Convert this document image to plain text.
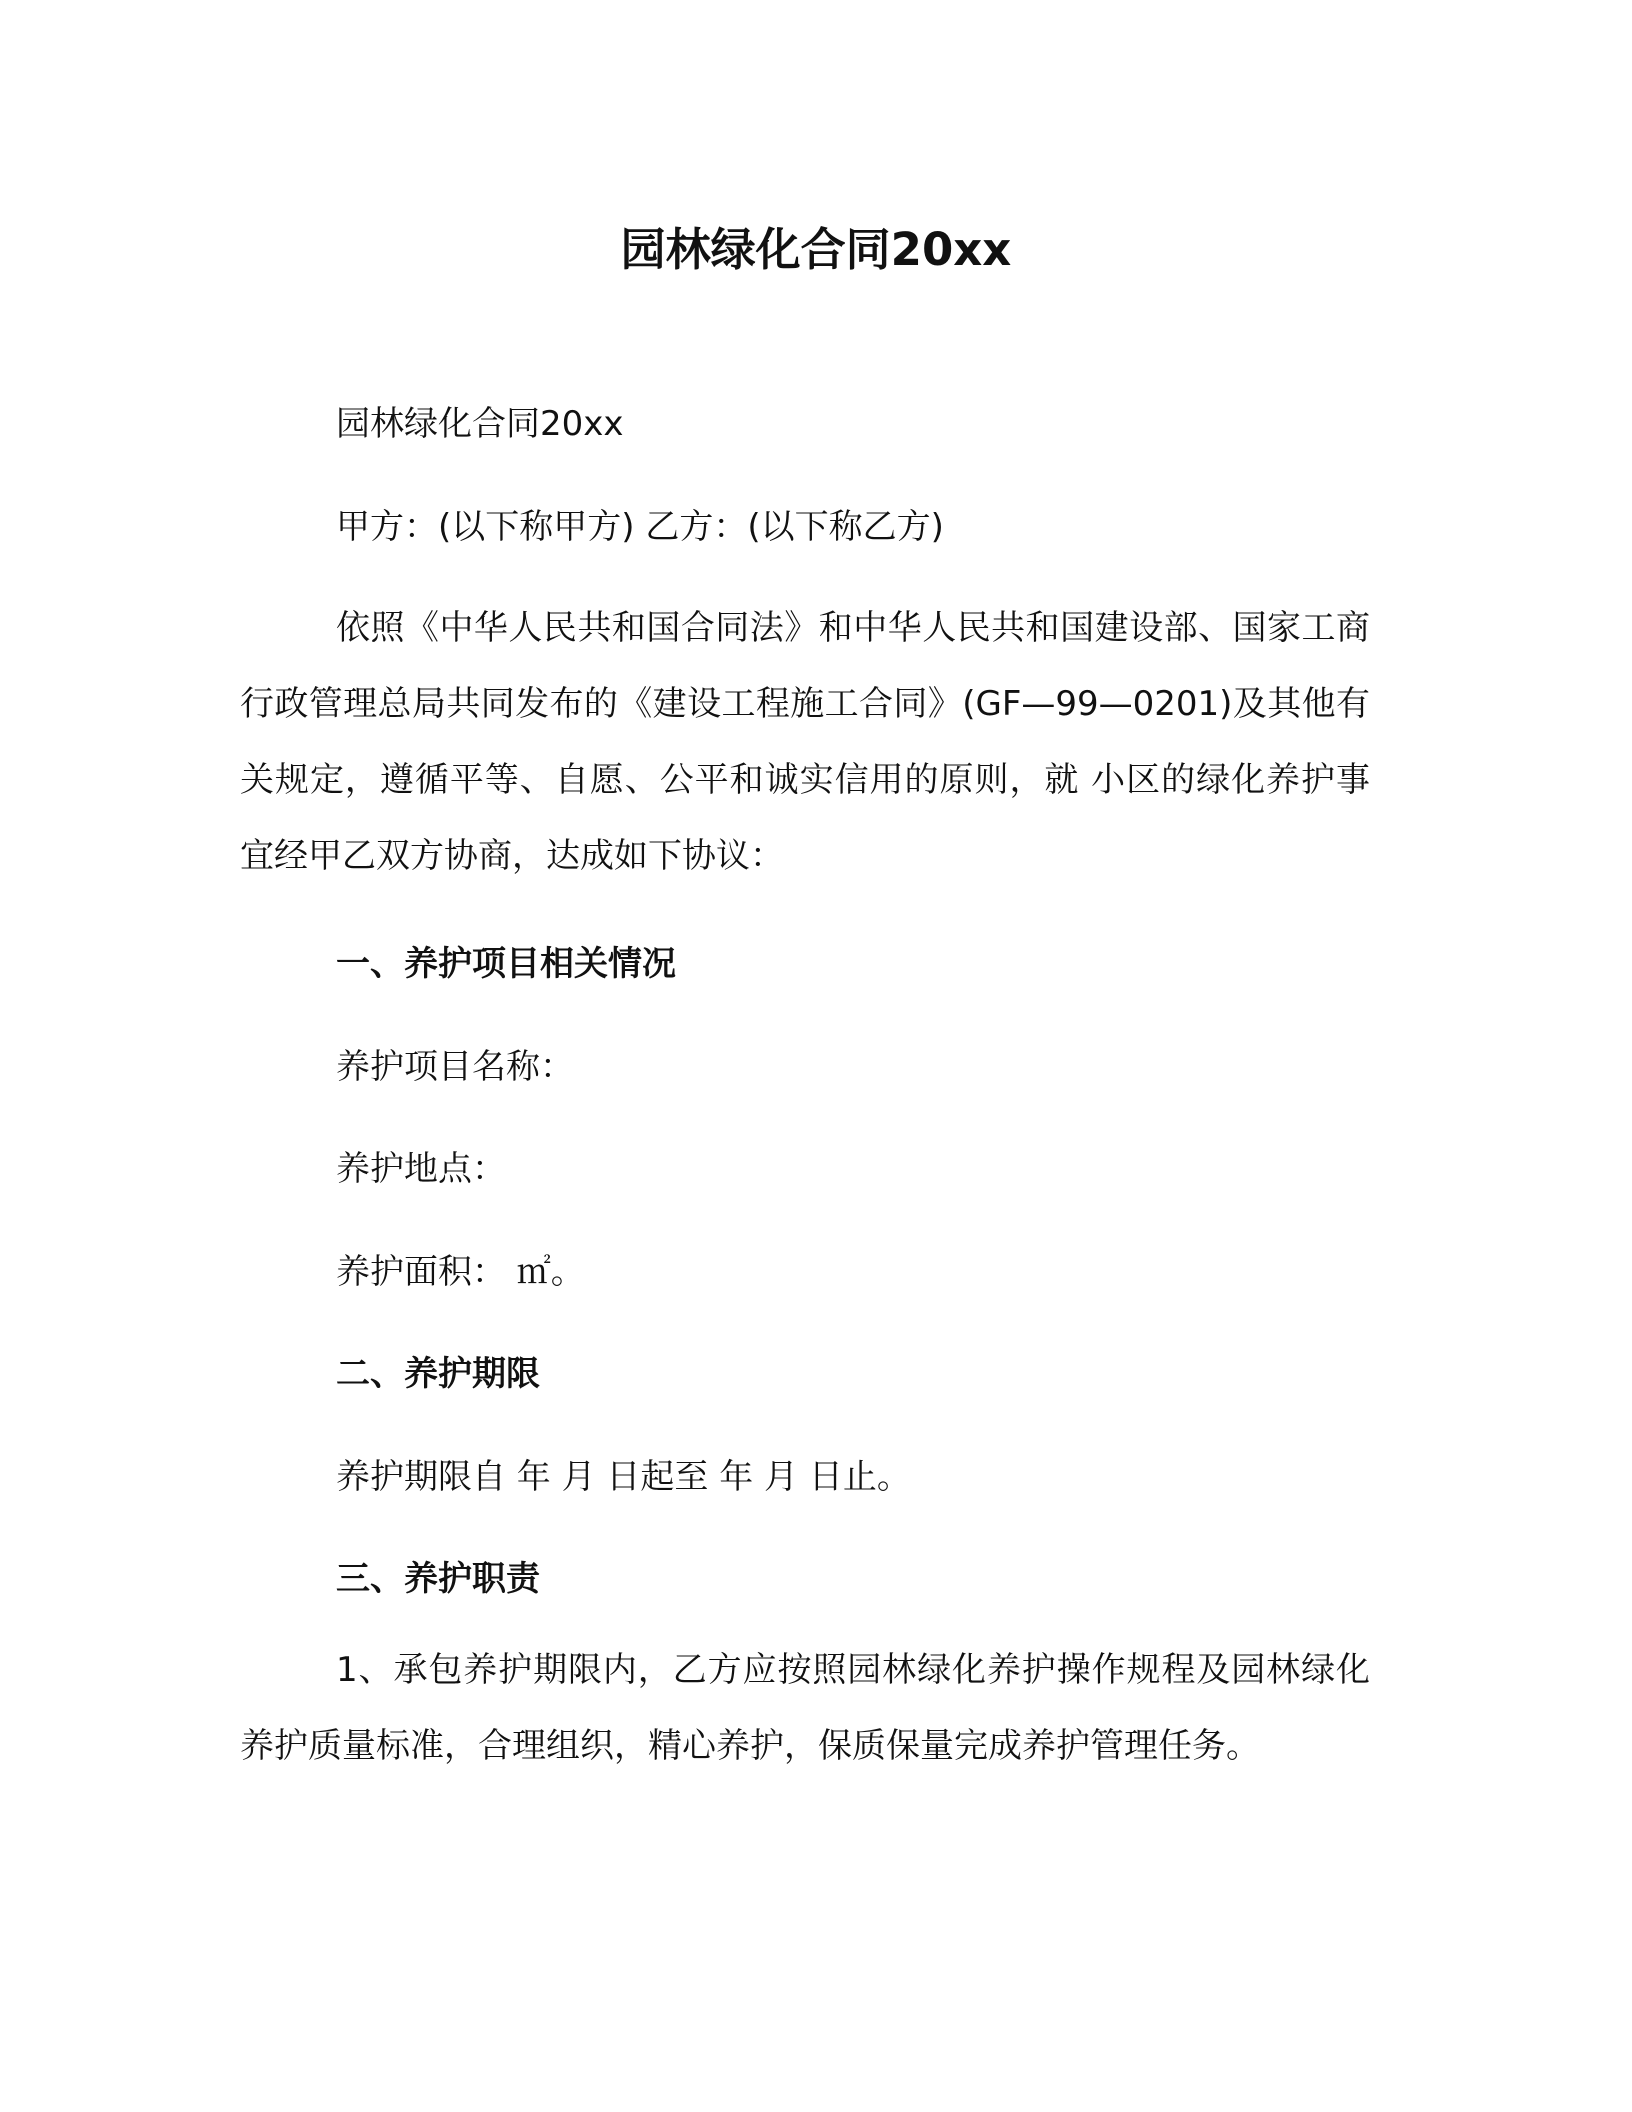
园林绿化合同20xx

园林绿化合同20xx

甲方：(以下称甲方) 乙方：(以下称乙方)

依照《中华人民共和国合同法》和中华人民共和国建设部、国家工商行政管理总局共同发布的《建设工程施工合同》(GF—99—0201)及其他有关规定，遵循平等、自愿、公平和诚实信用的原则，就 小区的绿化养护事宜经甲乙双方协商，达成如下协议：

一、养护项目相关情况

养护项目名称：

养护地点：

养护面积： ㎡。

二、养护期限

养护期限自 年 月 日起至 年 月 日止。

三、养护职责

1、承包养护期限内，乙方应按照园林绿化养护操作规程及园林绿化养护质量标准，合理组织，精心养护，保质保量完成养护管理任务。
